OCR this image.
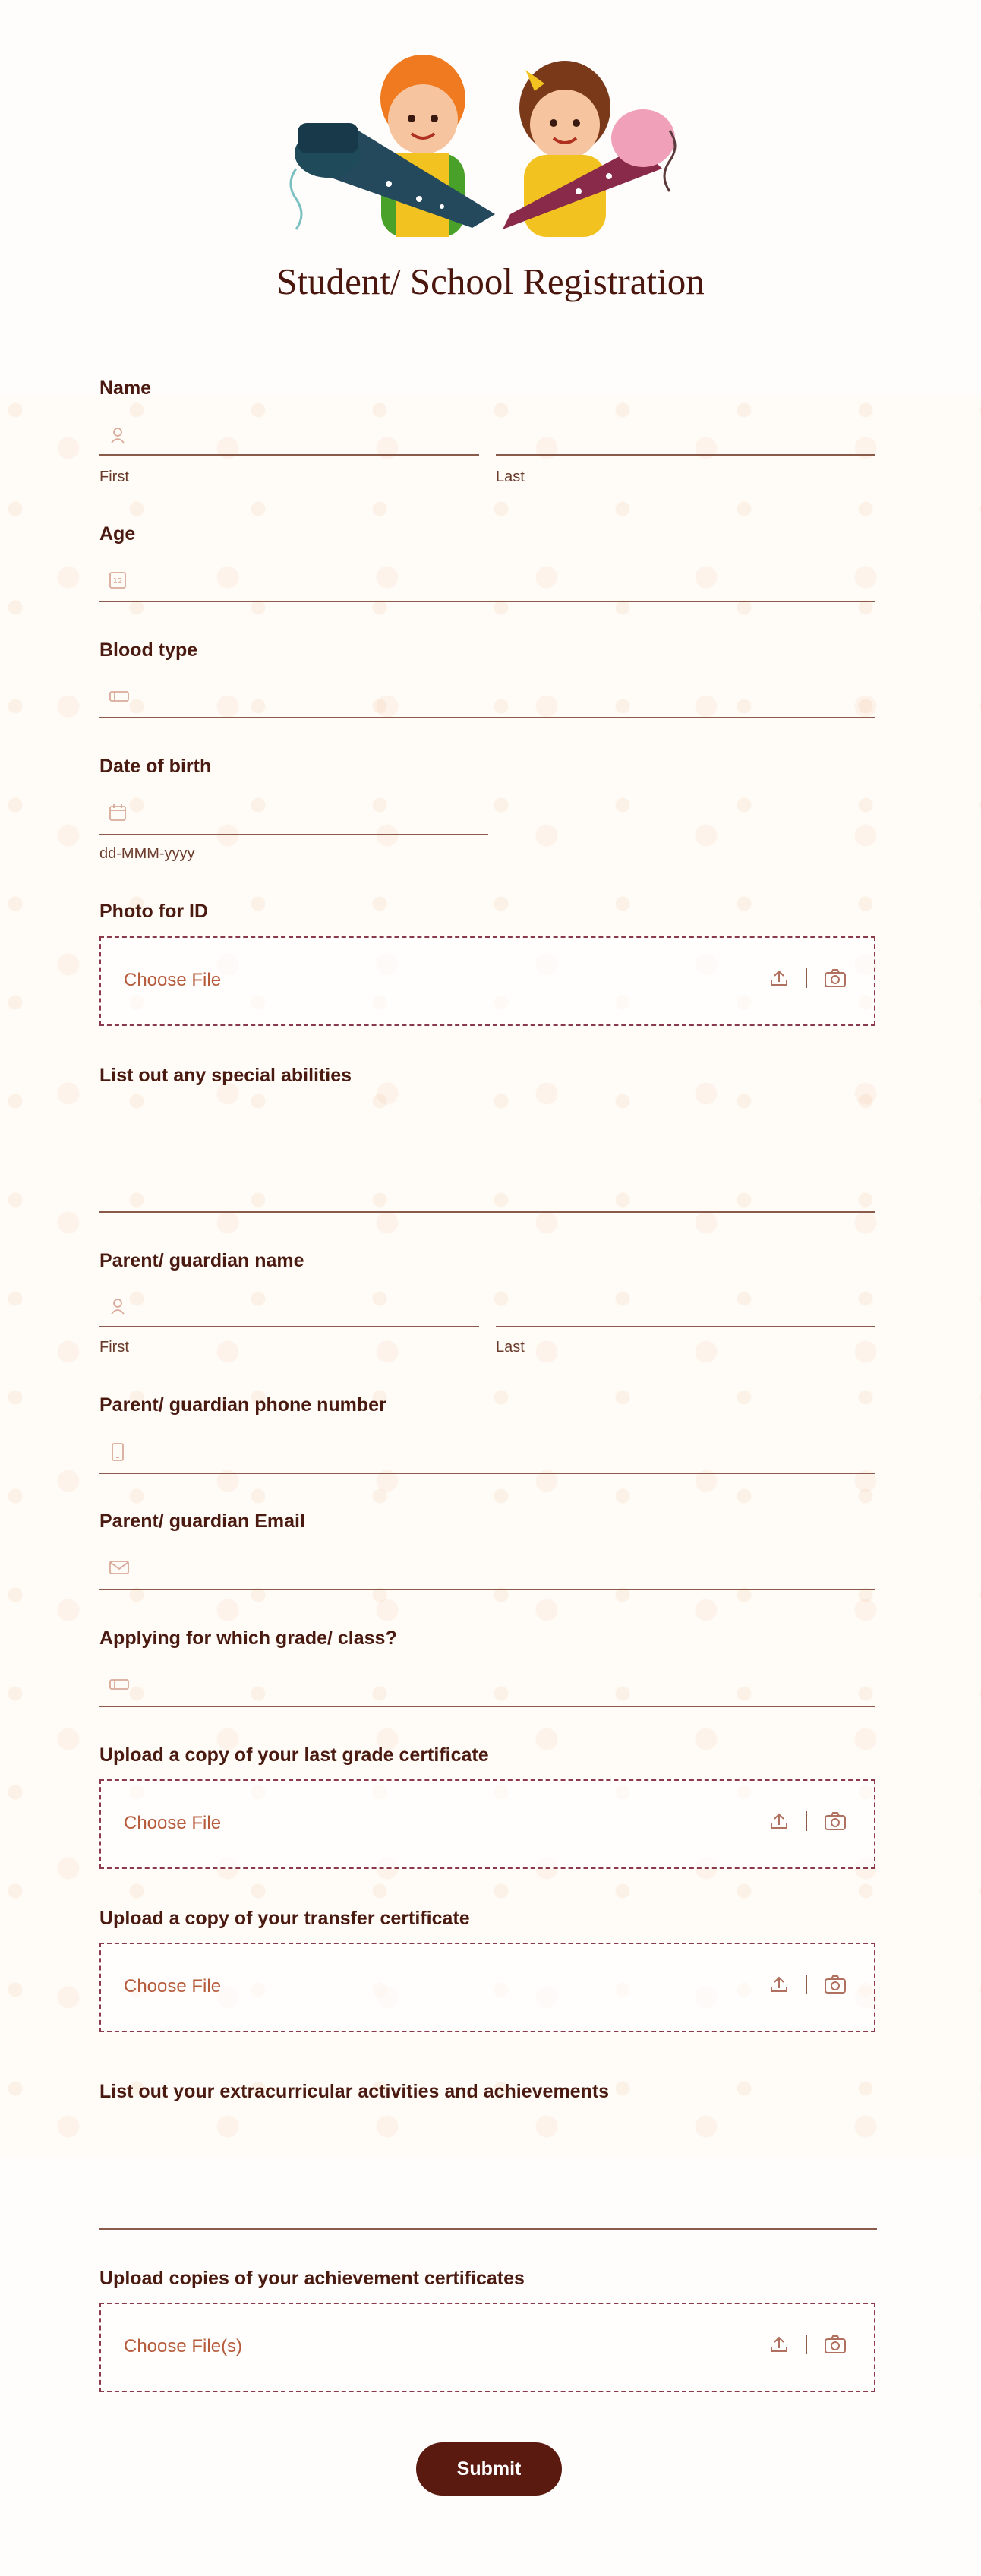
Student/ School Registration
Name
First	Last
Age
12
Blood type
Date of birth
dd-MMM-yyyy
Photo for ID
Choose File
List out any special abilities
Parent/ guardian name
First	Last
Parent/ guardian phone number
Parent/ guardian Email
Applying for which grade/ class?
Upload a copy of your last grade certificate
Choose File
Upload a copy of your transfer certificate
Choose File
List out your extracurricular activities and achievements
Upload copies of your achievement certificates
Choose File(s)
Submit
